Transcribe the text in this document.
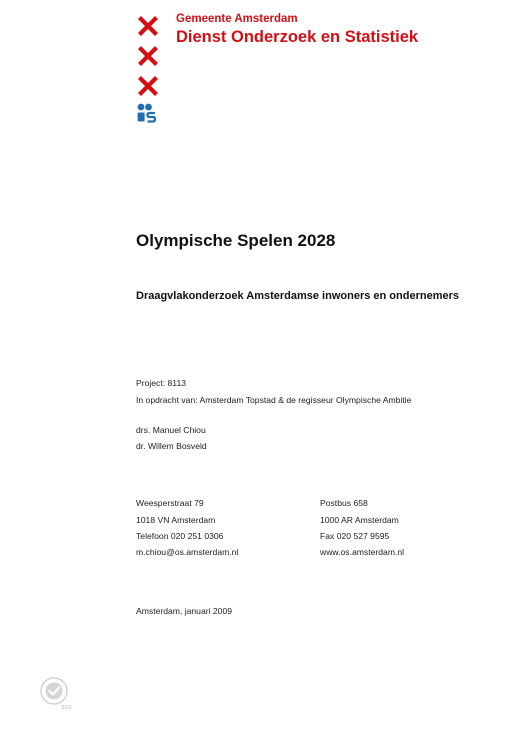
Gemeente Amsterdam
Dienst Onderzoek en Statistiek
Olympische Spelen 2028
Draagvlakonderzoek Amsterdamse inwoners en ondernemers
Project: 8113
In opdracht van: Amsterdam Topstad & de regisseur Olympische Ambitie
drs. Manuel Chiou
dr. Willem Bosveld
Weesperstraat 79
1018 VN Amsterdam
Telefoon 020 251 0306
m.chiou@os.amsterdam.nl
Postbus 658
1000 AR Amsterdam
Fax 020 527 9595
www.os.amsterdam.nl
Amsterdam, januari 2009
SGS
